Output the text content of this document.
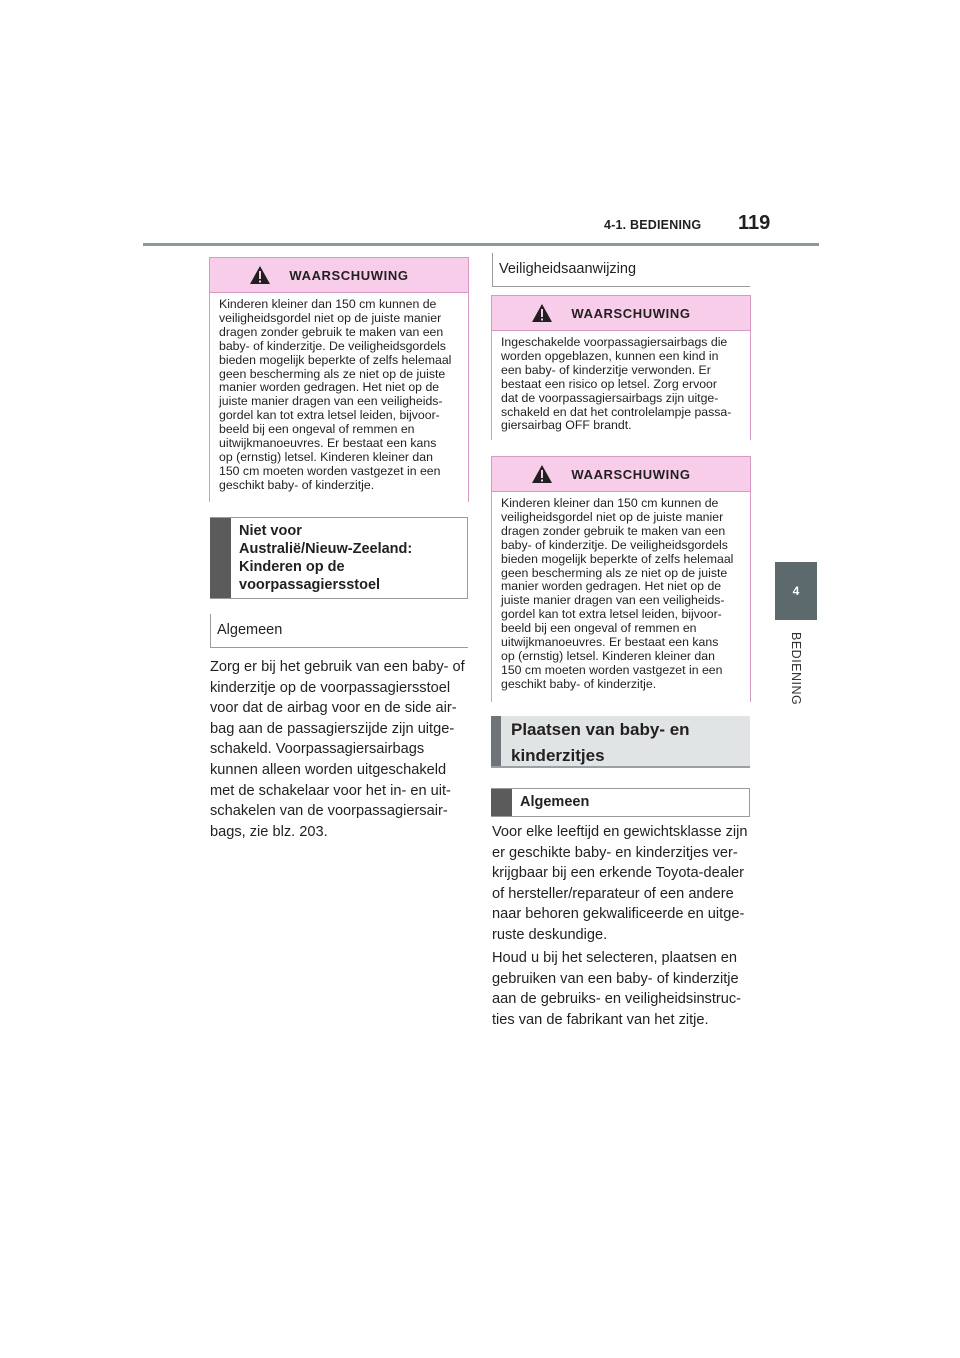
4-1. BEDIENING 119
4
BEDIENING
WAARSCHUWING
Kinderen kleiner dan 150 cm kunnen de
veiligheidsgordel niet op de juiste manier
dragen zonder gebruik te maken van een
baby- of kinderzitje. De veiligheidsgordels
bieden mogelijk beperkte of zelfs helemaal
geen bescherming als ze niet op de juiste
manier worden gedragen. Het niet op de
juiste manier dragen van een veiligheids-
gordel kan tot extra letsel leiden, bijvoor-
beeld bij een ongeval of remmen en
uitwijkmanoeuvres. Er bestaat een kans
op (ernstig) letsel. Kinderen kleiner dan
150 cm moeten worden vastgezet in een
geschikt baby- of kinderzitje.
Niet voor
Australië/Nieuw-Zeeland:
Kinderen op de
voorpassagiersstoel
Algemeen
Zorg er bij het gebruik van een baby- of
kinderzitje op de voorpassagiersstoel
voor dat de airbag voor en de side air-
bag aan de passagierszijde zijn uitge-
schakeld. Voorpassagiersairbags
kunnen alleen worden uitgeschakeld
met de schakelaar voor het in- en uit-
schakelen van de voorpassagiersair-
bags, zie blz. 203.
Veiligheidsaanwijzing
WAARSCHUWING
Ingeschakelde voorpassagiersairbags die
worden opgeblazen, kunnen een kind in
een baby- of kinderzitje verwonden. Er
bestaat een risico op letsel. Zorg ervoor
dat de voorpassagiersairbags zijn uitge-
schakeld en dat het controlelampje passa-
giersairbag OFF brandt.
WAARSCHUWING
Kinderen kleiner dan 150 cm kunnen de
veiligheidsgordel niet op de juiste manier
dragen zonder gebruik te maken van een
baby- of kinderzitje. De veiligheidsgordels
bieden mogelijk beperkte of zelfs helemaal
geen bescherming als ze niet op de juiste
manier worden gedragen. Het niet op de
juiste manier dragen van een veiligheids-
gordel kan tot extra letsel leiden, bijvoor-
beeld bij een ongeval of remmen en
uitwijkmanoeuvres. Er bestaat een kans
op (ernstig) letsel. Kinderen kleiner dan
150 cm moeten worden vastgezet in een
geschikt baby- of kinderzitje.
Plaatsen van baby- en
kinderzitjes
Algemeen
Voor elke leeftijd en gewichtsklasse zijn
er geschikte baby- en kinderzitjes ver-
krijgbaar bij een erkende Toyota-dealer
of hersteller/reparateur of een andere
naar behoren gekwalificeerde en uitge-
ruste deskundige.
Houd u bij het selecteren, plaatsen en
gebruiken van een baby- of kinderzitje
aan de gebruiks- en veiligheidsinstruc-
ties van de fabrikant van het zitje.
